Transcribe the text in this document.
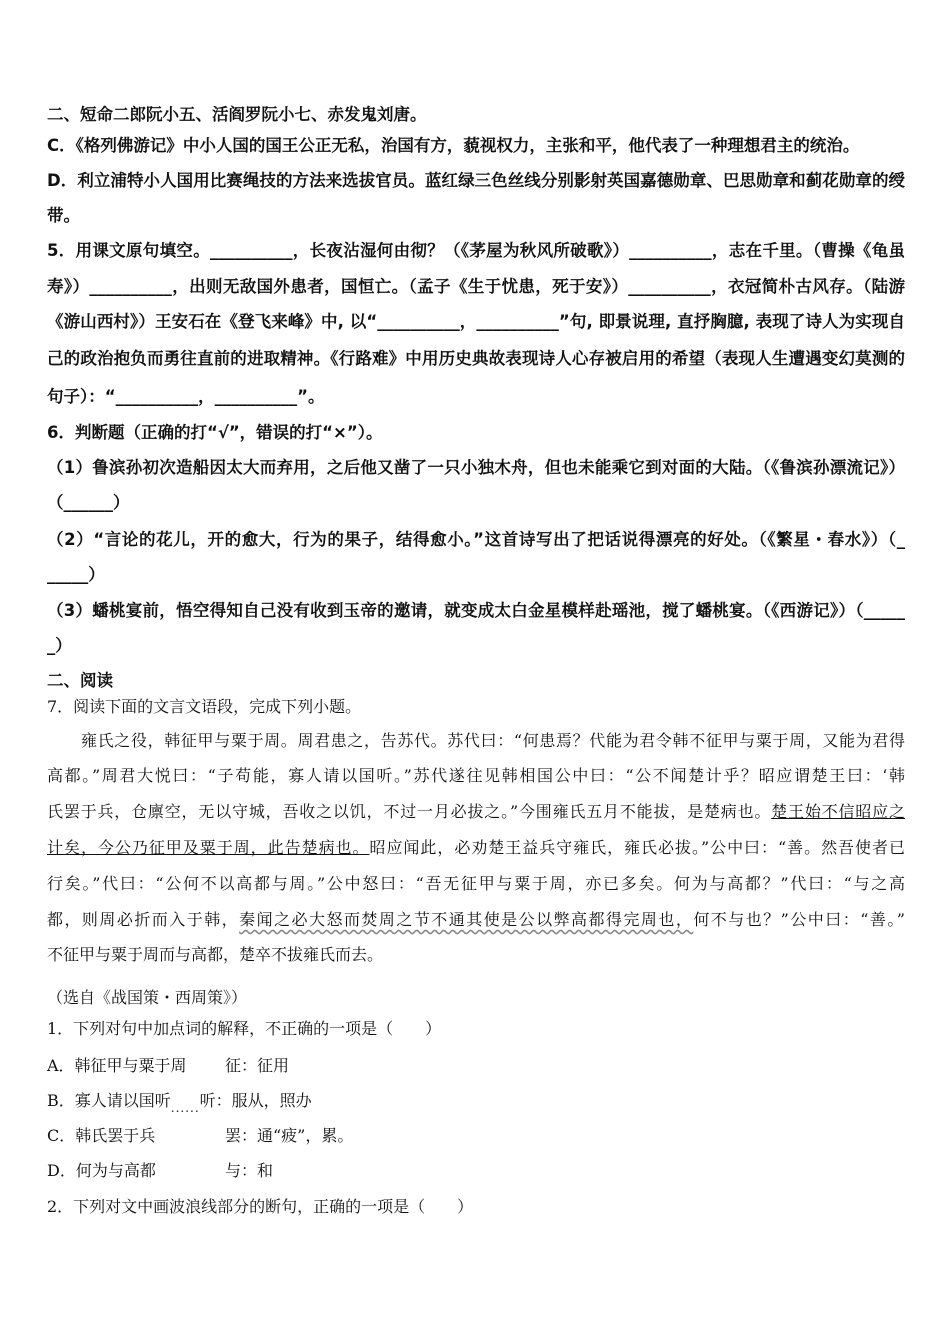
二、短命二郎阮小五、活阎罗阮小七、赤发鬼刘唐。
C．《格列佛游记》中小人国的国王公正无私，治国有方，藐视权力，主张和平，他代表了一种理想君主的统治。
D．利立浦特小人国用比赛绳技的方法来选拔官员。蓝红绿三色丝线分别影射英国嘉德勋章、巴思勋章和蓟花勋章的绶
带。
5．用课文原句填空。__________，长夜沾湿何由彻？（《茅屋为秋风所破歌》）__________，志在千里。（曹操《龟虽
寿》）__________，出则无敌国外患者，国恒亡。（孟子《生于忧患，死于安》）__________，衣冠简朴古风存。（陆游
《游山西村》）王安石在《登飞来峰》中, 以“__________，__________”句, 即景说理, 直抒胸臆, 表现了诗人为实现自
己的政治抱负而勇往直前的进取精神。《行路难》中用历史典故表现诗人心存被启用的希望（表现人生遭遇变幻莫测的
句子）：“__________，__________”。
6．判断题（正确的打“√”，错误的打“×”）。
（1）鲁滨孙初次造船因太大而弃用，之后他又凿了一只小独木舟，但也未能乘它到对面的大陆。（《鲁滨孙漂流记》）
（______）
（2）“言论的花儿，开的愈大，行为的果子，结得愈小。”这首诗写出了把话说得漂亮的好处。（《繁星・春水》）（_
_____）
（3）蟠桃宴前，悟空得知自己没有收到玉帝的邀请，就变成太白金星模样赴瑶池，搅了蟠桃宴。（《西游记》）（_____
_）
二、阅读
7．阅读下面的文言文语段，完成下列小题。
雍氏之役，韩征甲与粟于周。周君患之，告苏代。苏代曰：“何患焉？代能为君令韩不征甲与粟于周，又能为君得
高都。”周君大悦曰：“子苟能，寡人请以国听。”苏代遂往见韩相国公中曰：“公不闻楚计乎？昭应谓楚王曰：‘韩
氏罢于兵，仓廪空，无以守城，吾收之以饥，不过一月必拔之。”今围雍氏五月不能拔，是楚病也。楚王始不信昭应之
计矣，今公乃征甲及粟于周，此告楚病也。昭应闻此，必劝楚王益兵守雍氏，雍氏必拔。”公中曰：“善。然吾使者已
行矣。”代曰：“公何不以高都与周。”公中怒曰：“吾无征甲与粟于周，亦已多矣。何为与高都？”代曰：“与之高
都，则周必折而入于韩，秦闻之必大怒而焚周之节不通其使是公以弊高都得完周也，何不与也？”公中曰：“善。”
不征甲与粟于周而与高都，楚卒不拔雍氏而去。
（选自《战国策・西周策》）
1．下列对句中加点词的解释，不正确的一项是（　　）
A．韩征甲与粟于周 征：征用
B．寡人请以国听$_{......}$听：服从，照办
C．韩氏罢于兵	罢：通“疲”，累。
D．何为与高都	与：和
2．下列对文中画波浪线部分的断句，正确的一项是（　　）
